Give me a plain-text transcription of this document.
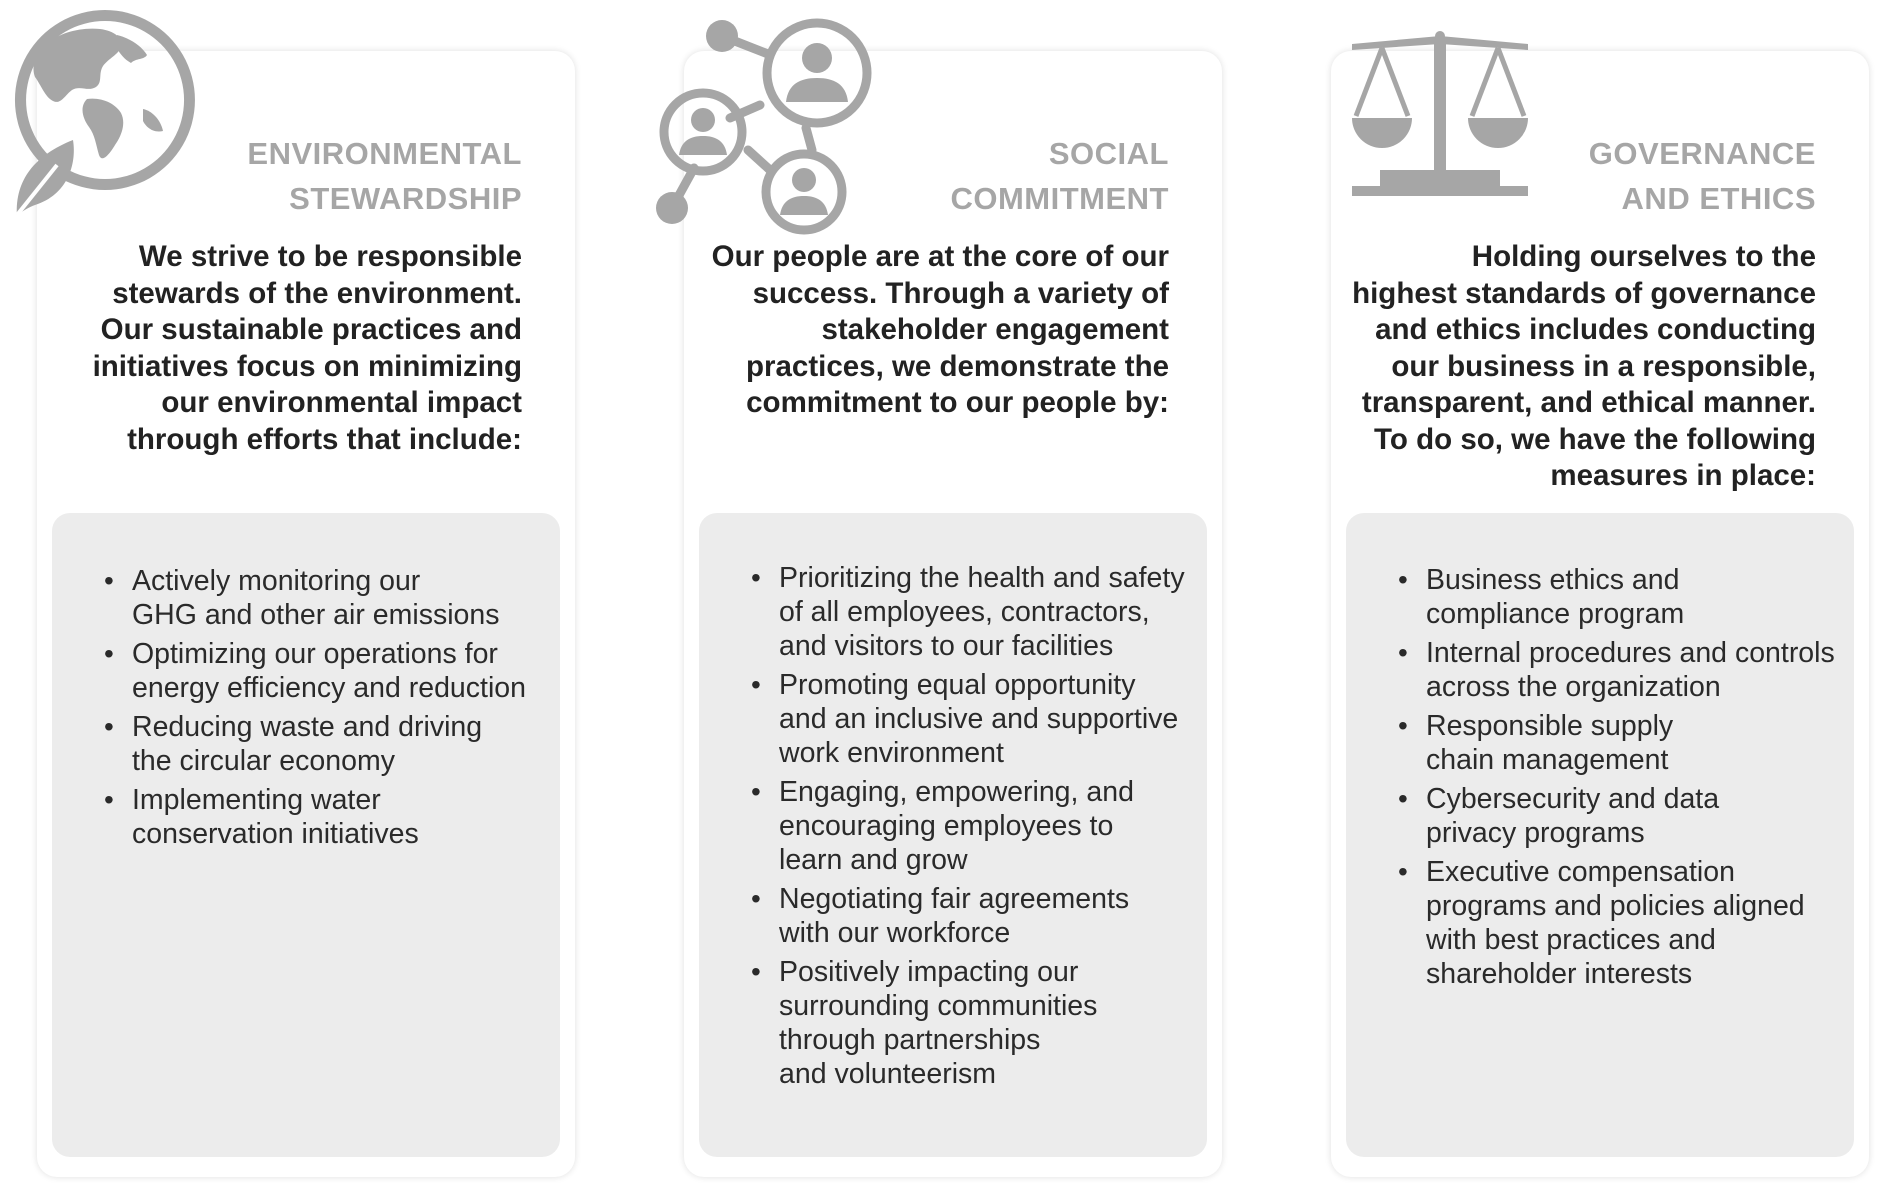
ENVIRONMENTAL
STEWARDSHIP
We strive to be responsible
stewards of the environment.
Our sustainable practices and
initiatives focus on minimizing
our environmental impact
through efforts that include:
• Actively monitoring our
GHG and other air emissions
• Optimizing our operations for
energy efficiency and reduction
• Reducing waste and driving
the circular economy
• Implementing water
conservation initiatives
SOCIAL
COMMITMENT
Our people are at the core of our
success. Through a variety of
stakeholder engagement
practices, we demonstrate the
commitment to our people by:
• Prioritizing the health and safety
of all employees, contractors,
and visitors to our facilities
• Promoting equal opportunity
and an inclusive and supportive
work environment
• Engaging, empowering, and
encouraging employees to
learn and grow
• Negotiating fair agreements
with our workforce
• Positively impacting our
surrounding communities
through partnerships
and volunteerism
GOVERNANCE
AND ETHICS
Holding ourselves to the
highest standards of governance
and ethics includes conducting
our business in a responsible,
transparent, and ethical manner.
To do so, we have the following
measures in place:
• Business ethics and
compliance program
• Internal procedures and controls
across the organization
• Responsible supply
chain management
• Cybersecurity and data
privacy programs
• Executive compensation
programs and policies aligned
with best practices and
shareholder interests
